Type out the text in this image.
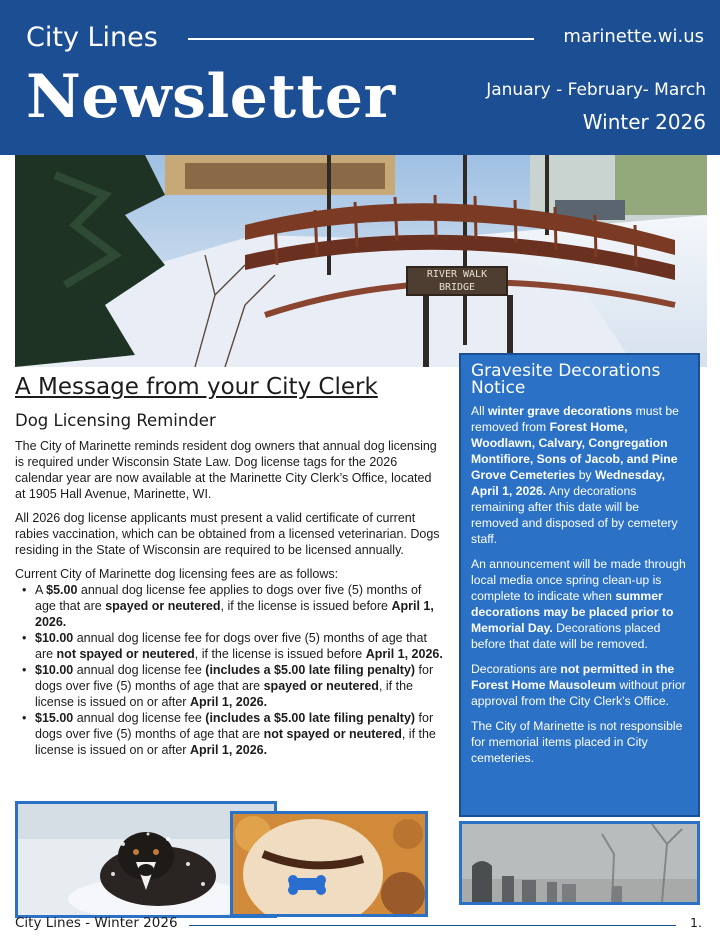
City Lines	marinette.wi.us
Newsletter	January - February- March
Winter 2026
RIVER WALK
BRIDGE
A Message from your City Clerk
Dog Licensing Reminder

The City of Marinette reminds resident dog owners that annual dog licensing is required under Wisconsin State Law. Dog license tags for the 2026 calendar year are now available at the Marinette City Clerk’s Office, located at 1905 Hall Avenue, Marinette, WI.

All 2026 dog license applicants must present a valid certificate of current rabies vaccination, which can be obtained from a licensed veterinarian. Dogs residing in the State of Wisconsin are required to be licensed annually.

Current City of Marinette dog licensing fees are as follows:

• A $5.00 annual dog license fee applies to dogs over five (5) months of age that are spayed or neutered, if the license is issued before April 1, 2026.
• $10.00 annual dog license fee for dogs over five (5) months of age that are not spayed or neutered, if the license is issued before April 1, 2026.
• $10.00 annual dog license fee (includes a $5.00 late filing penalty) for dogs over five (5) months of age that are spayed or neutered, if the license is issued on or after April 1, 2026.
• $15.00 annual dog license fee (includes a $5.00 late filing penalty) for dogs over five (5) months of age that are not spayed or neutered, if the license is issued on or after April 1, 2026.
Gravesite Decorations Notice

All winter grave decorations must be removed from Forest Home, Woodlawn, Calvary, Congregation Montifiore, Sons of Jacob, and Pine Grove Cemeteries by Wednesday, April 1, 2026. Any decorations remaining after this date will be removed and disposed of by cemetery staff.

An announcement will be made through local media once spring clean-up is complete to indicate when summer decorations may be placed prior to Memorial Day. Decorations placed before that date will be removed.

Decorations are not permitted in the Forest Home Mausoleum without prior approval from the City Clerk’s Office.

The City of Marinette is not responsible for memorial items placed in City cemeteries.

City Lines - Winter 2026	1.
